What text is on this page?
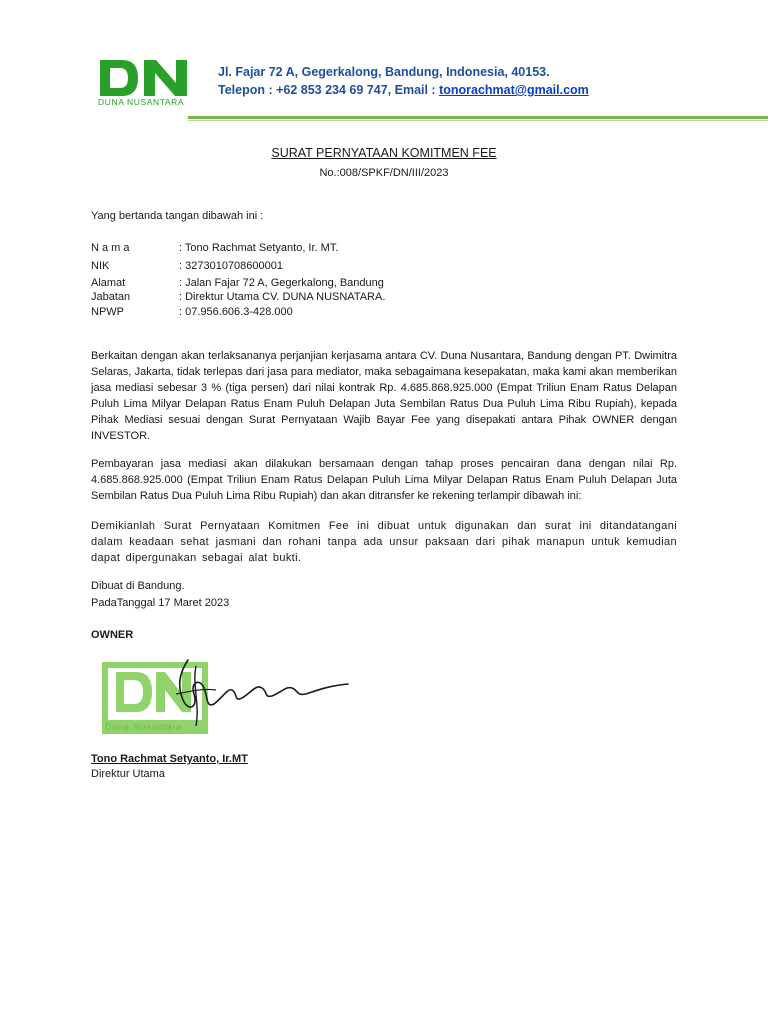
DUNA NUSANTARA
Jl. Fajar 72 A, Gegerkalong, Bandung, Indonesia, 40153.
Telepon : +62 853 234 69 747, Email : tonorachmat@gmail.com
SURAT PERNYATAAN KOMITMEN FEE
No.:008/SPKF/DN/III/2023
Yang bertanda tangan dibawah ini :
N a m a	: Tono Rachmat Setyanto, Ir. MT.
NIK	: 3273010708600001
Alamat	: Jalan Fajar 72 A, Gegerkalong, Bandung
Jabatan	: Direktur Utama CV. DUNA NUSNATARA.
NPWP	: 07.956.606.3-428.000
Berkaitan dengan akan terlaksananya perjanjian kerjasama antara CV. Duna Nusantara, Bandung dengan PT. Dwimitra Selaras, Jakarta, tidak terlepas dari jasa para mediator, maka sebagaimana kesepakatan, maka kami akan memberikan jasa mediasi sebesar 3 % (tiga persen) dari nilai kontrak Rp. 4.685.868.925.000 (Empat Triliun Enam Ratus Delapan Puluh Lima Milyar Delapan Ratus Enam Puluh Delapan Juta Sembilan Ratus Dua Puluh Lima Ribu Rupiah), kepada Pihak Mediasi sesuai dengan Surat Pernyataan Wajib Bayar Fee yang disepakati antara Pihak OWNER dengan INVESTOR.
Pembayaran jasa mediasi akan dilakukan bersamaan dengan tahap proses pencairan dana dengan nilai Rp. 4.685.868.925.000 (Empat Triliun Enam Ratus Delapan Puluh Lima Milyar Delapan Ratus Enam Puluh Delapan Juta Sembilan Ratus Dua Puluh Lima Ribu Rupiah) dan akan ditransfer ke rekening terlampir dibawah ini:
Demikianlah Surat Pernyataan Komitmen Fee ini dibuat untuk digunakan dan surat ini ditandatangani dalam keadaan sehat jasmani dan rohani tanpa ada unsur paksaan dari pihak manapun untuk kemudian dapat dipergunakan sebagai alat bukti.
Dibuat di Bandung.
PadaTanggal 17 Maret 2023
OWNER
Duna Nusantara
Tono Rachmat Setyanto, Ir.MT
Direktur Utama
